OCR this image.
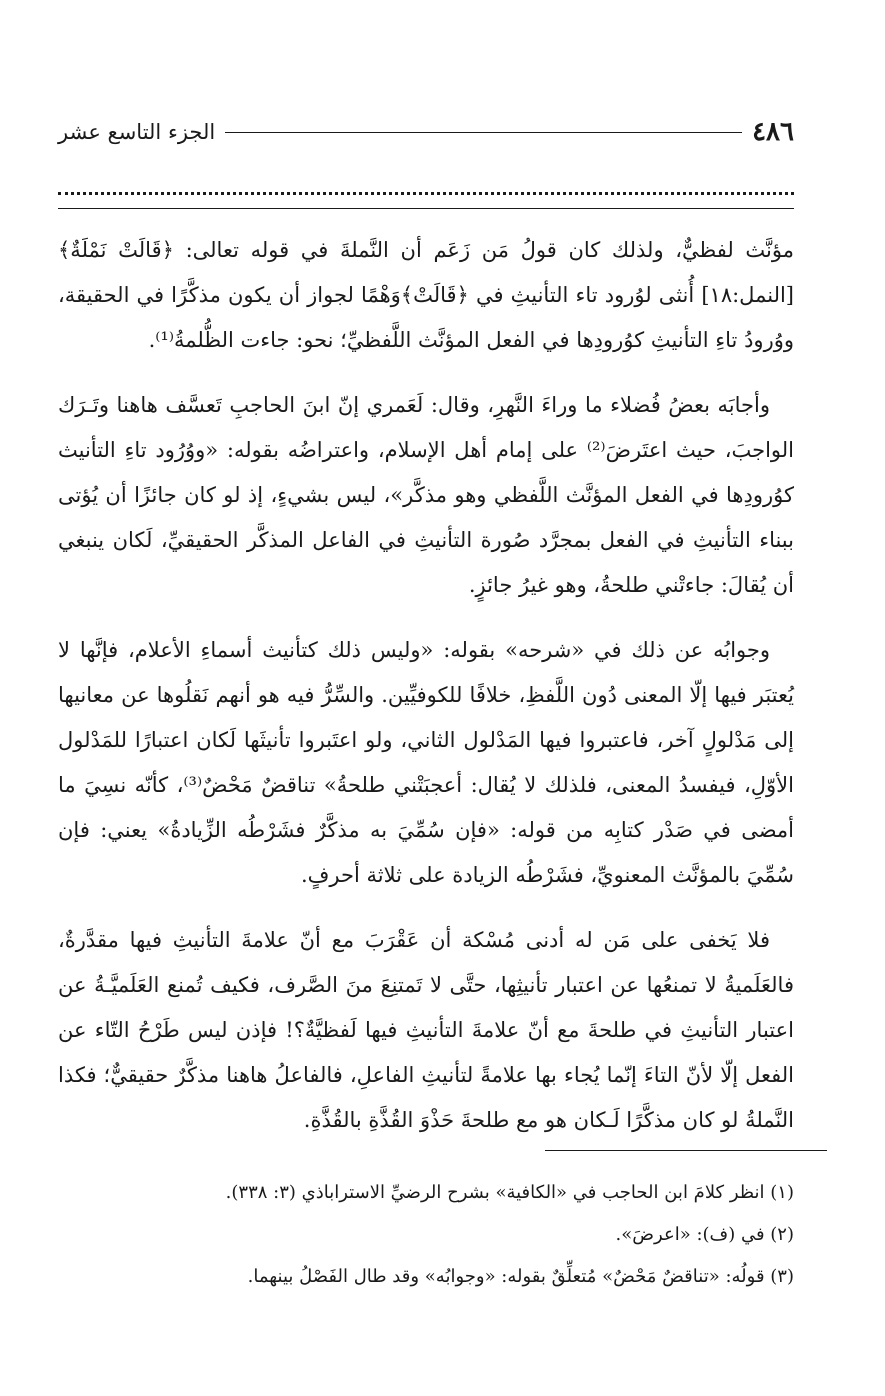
٤٨٦
الجزء التاسع عشر

مؤنَّث لفظيٌّ، ولذلك كان قولُ مَن زَعَم أن النَّملةَ في قوله تعالى: ﴿قَالَتْ نَمْلَةٌ﴾[النمل:١٨] أُنثى لوُرود تاء التأنيثِ في ﴿قَالَتْ﴾وَهْمًا لجواز أن يكون مذكَّرًا في الحقيقة، ووُرودُ تاءِ التأنيثِ كوُرودِها في الفعل المؤنَّث اللَّفظيِّ؛ نحو: جاءت الظُّلمةُ⁽¹⁾.

وأجابَه بعضُ فُضلاء ما وراءَ النَّهرِ، وقال: لَعَمري إنّ ابنَ الحاجبِ تَعسَّف هاهنا وتَـرَك الواجبَ، حيث اعتَرضَ⁽²⁾ على إمام أهل الإسلام، واعتراضُه بقوله: «ووُرُود تاءِ التأنيث كوُرودِها في الفعل المؤنَّث اللَّفظي وهو مذكَّر»، ليس بشيءٍ، إذ لو كان جائزًا أن يُؤتى ببناء التأنيثِ في الفعل بمجرَّد صُورة التأنيثِ في الفاعل المذكَّر الحقيقيِّ، لَكان ينبغي أن يُقالَ: جاءتْني طلحةُ، وهو غيرُ جائزٍ.

وجوابُه عن ذلك في «شرحه» بقوله: «وليس ذلك كتأنيث أسماءِ الأعلام، فإنَّها لا يُعتبَر فيها إلّا المعنى دُون اللَّفظِ، خلافًا للكوفيِّين. والسِّرُّ فيه هو أنهم نَقلُوها عن معانيها إلى مَدْلولٍ آخر، فاعتبروا فيها المَدْلول الثاني، ولو اعتَبروا تأنيثَها لَكان اعتبارًا للمَدْلول الأوّلِ، فيفسدُ المعنى، فلذلك لا يُقال: أعجبَتْني طلحةُ» تناقضٌ مَحْضٌ⁽³⁾، كأنّه نسِيَ ما أمضى في صَدْر كتابِه من قوله: «فإن سُمِّيَ به مذكَّرٌ فشَرْطُه الزِّيادةُ» يعني: فإن سُمِّيَ بالمؤنَّث المعنويِّ، فشَرْطُه الزيادة على ثلاثة أحرفٍ.

فلا يَخفى على مَن له أدنى مُسْكة أن عَقْرَبَ مع أنّ علامةَ التأنيثِ فيها مقدَّرةٌ، فالعَلَميةُ لا تمنعُها عن اعتبار تأنيثِها، حتَّى لا تَمتنِعَ منَ الصَّرف، فكيف تُمنع العَلَميَّـةُ عن اعتبار التأنيثِ في طلحةَ مع أنّ علامةَ التأنيثِ فيها لَفظيَّةٌ؟! فإذن ليس طَرْحُ التّاء عن الفعل إلّا لأنّ التاءَ إنّما يُجاء بها علامةً لتأنيثِ الفاعلِ، فالفاعلُ هاهنا مذكَّرٌ حقيقيٌّ؛ فكذا النَّملةُ لو كان مذكَّرًا لَـكان هو مع طلحةَ حَذْوَ القُذَّةِ بالقُذَّةِ.

(١) انظر كلامَ ابن الحاجب في «الكافية» بشرح الرضيِّ الاستراباذي (٣: ٣٣٨).

(٢) في (ف): «اعرضَ».

(٣) قولُه: «تناقضٌ مَحْضٌ» مُتعلِّقٌ بقوله: «وجوابُه» وقد طال الفَصْلُ بينهما.
